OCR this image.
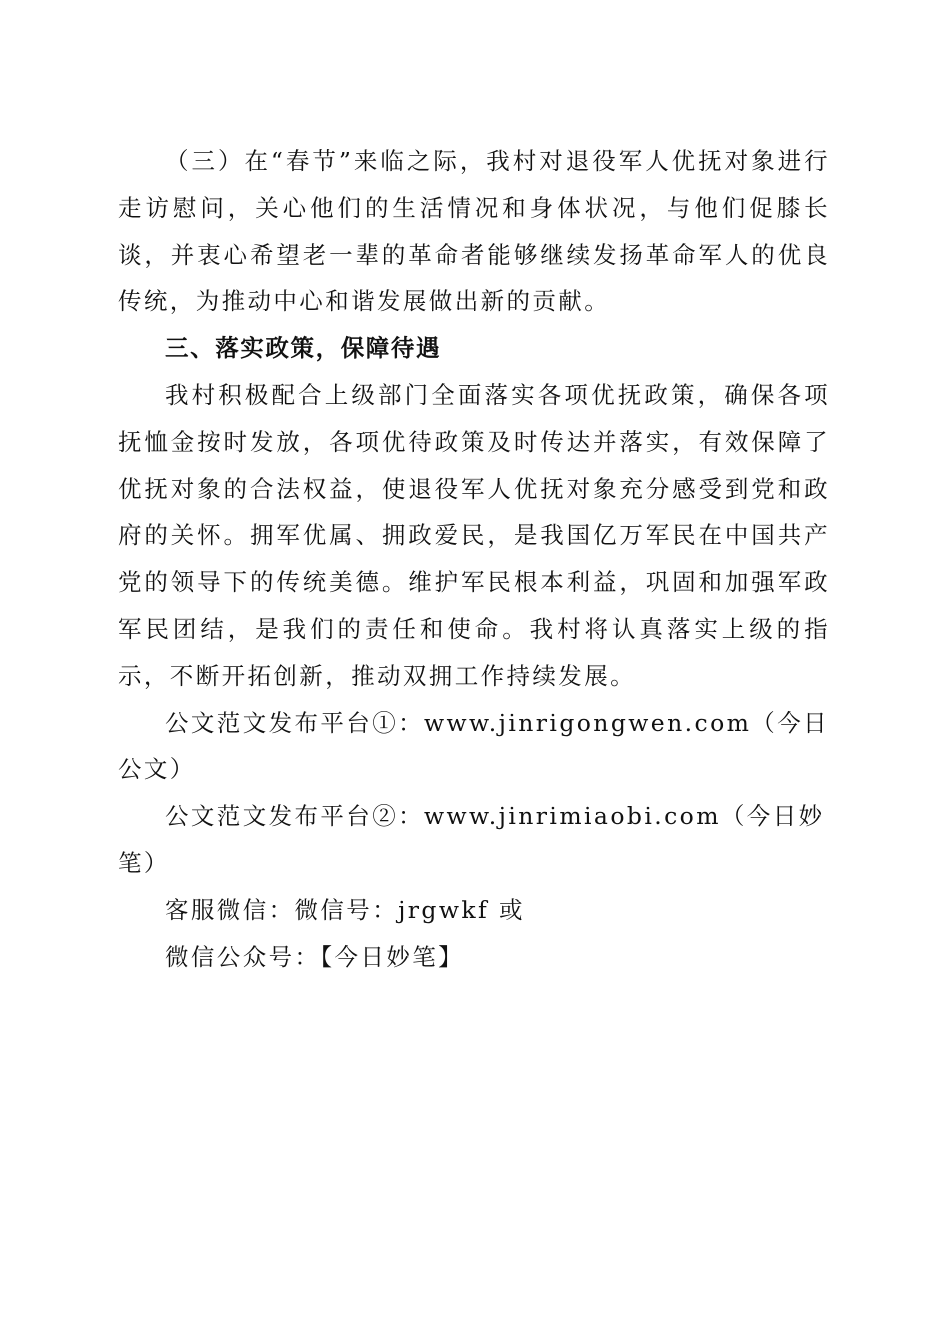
（三）在“春节”来临之际，我村对退役军人优抚对象进行走访慰问，关心他们的生活情况和身体状况，与他们促膝长谈，并衷心希望老一辈的革命者能够继续发扬革命军人的优良传统，为推动中心和谐发展做出新的贡献。

三、落实政策，保障待遇

我村积极配合上级部门全面落实各项优抚政策，确保各项抚恤金按时发放，各项优待政策及时传达并落实，有效保障了优抚对象的合法权益，使退役军人优抚对象充分感受到党和政府的关怀。拥军优属、拥政爱民，是我国亿万军民在中国共产党的领导下的传统美德。维护军民根本利益，巩固和加强军政军民团结，是我们的责任和使命。我村将认真落实上级的指示，不断开拓创新，推动双拥工作持续发展。

公文范文发布平台①：www.jinrigongwen.com（今日公文）

公文范文发布平台②：www.jinrimiaobi.com（今日妙笔）

客服微信：微信号：jrgwkf 或

微信公众号：【今日妙笔】
